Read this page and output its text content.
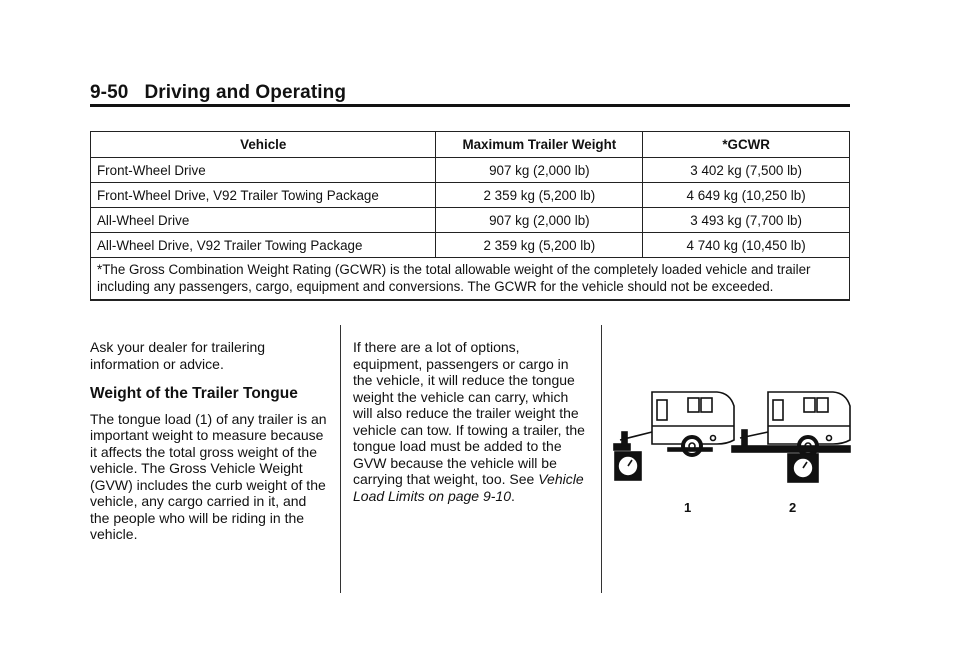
9-50 Driving and Operating
Vehicle	Maximum Trailer Weight	*GCWR
Front-Wheel Drive	907 kg (2,000 lb)	3 402 kg (7,500 lb)
Front-Wheel Drive, V92 Trailer Towing Package	2 359 kg (5,200 lb)	4 649 kg (10,250 lb)
All-Wheel Drive	907 kg (2,000 lb)	3 493 kg (7,700 lb)
All-Wheel Drive, V92 Trailer Towing Package	2 359 kg (5,200 lb)	4 740 kg (10,450 lb)
*The Gross Combination Weight Rating (GCWR) is the total allowable weight of the completely loaded vehicle and trailer including any passengers, cargo, equipment and conversions. The GCWR for the vehicle should not be exceeded.		
Ask your dealer for trailering information or advice.
Weight of the Trailer Tongue
The tongue load (1) of any trailer is an important weight to measure because it affects the total gross weight of the vehicle. The Gross Vehicle Weight (GVW) includes the curb weight of the vehicle, any cargo carried in it, and the people who will be riding in the vehicle.
If there are a lot of options, equipment, passengers or cargo in the vehicle, it will reduce the tongue weight the vehicle can carry, which will also reduce the trailer weight the vehicle can tow. If towing a trailer, the tongue load must be added to the GVW because the vehicle will be carrying that weight, too. See Vehicle Load Limits on page 9-10.
1	2
